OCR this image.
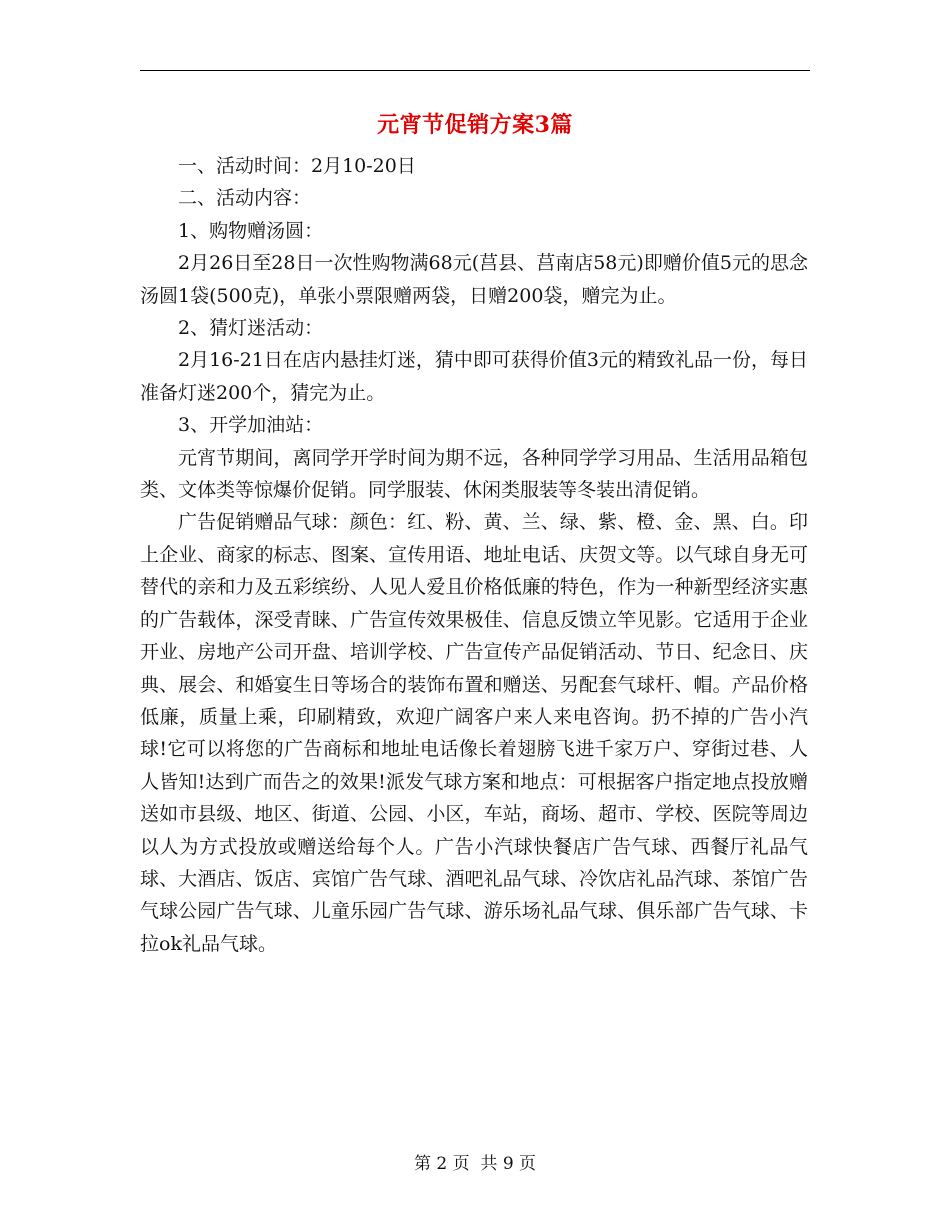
元宵节促销方案3篇

一、活动时间：2月10-20日

二、活动内容：

1、购物赠汤圆：

2月26日至28日一次性购物满68元(莒县、莒南店58元)即赠价值5元的思念汤圆1袋(500克)，单张小票限赠两袋，日赠200袋，赠完为止。

2、猜灯迷活动：

2月16-21日在店内悬挂灯迷，猜中即可获得价值3元的精致礼品一份，每日准备灯迷200个，猜完为止。

3、开学加油站：

元宵节期间，离同学开学时间为期不远，各种同学学习用品、生活用品箱包类、文体类等惊爆价促销。同学服装、休闲类服装等冬装出清促销。

广告促销赠品气球：颜色：红、粉、黄、兰、绿、紫、橙、金、黑、白。印上企业、商家的标志、图案、宣传用语、地址电话、庆贺文等。以气球自身无可替代的亲和力及五彩缤纷、人见人爱且价格低廉的特色，作为一种新型经济实惠的广告载体，深受青睐、广告宣传效果极佳、信息反馈立竿见影。它适用于企业开业、房地产公司开盘、培训学校、广告宣传产品促销活动、节日、纪念日、庆典、展会、和婚宴生日等场合的装饰布置和赠送、另配套气球杆、帽。产品价格低廉，质量上乘，印刷精致，欢迎广阔客户来人来电咨询。扔不掉的广告小汽球!它可以将您的广告商标和地址电话像长着翅膀飞进千家万户、穿街过巷、人人皆知!达到广而告之的效果!派发气球方案和地点：可根据客户指定地点投放赠送如市县级、地区、街道、公园、小区，车站，商场、超市、学校、医院等周边以人为方式投放或赠送给每个人。广告小汽球快餐店广告气球、西餐厅礼品气球、大酒店、饭店、宾馆广告气球、酒吧礼品气球、冷饮店礼品汽球、茶馆广告气球公园广告气球、儿童乐园广告气球、游乐场礼品气球、俱乐部广告气球、卡拉ok礼品气球。

第 2 页  共 9 页
